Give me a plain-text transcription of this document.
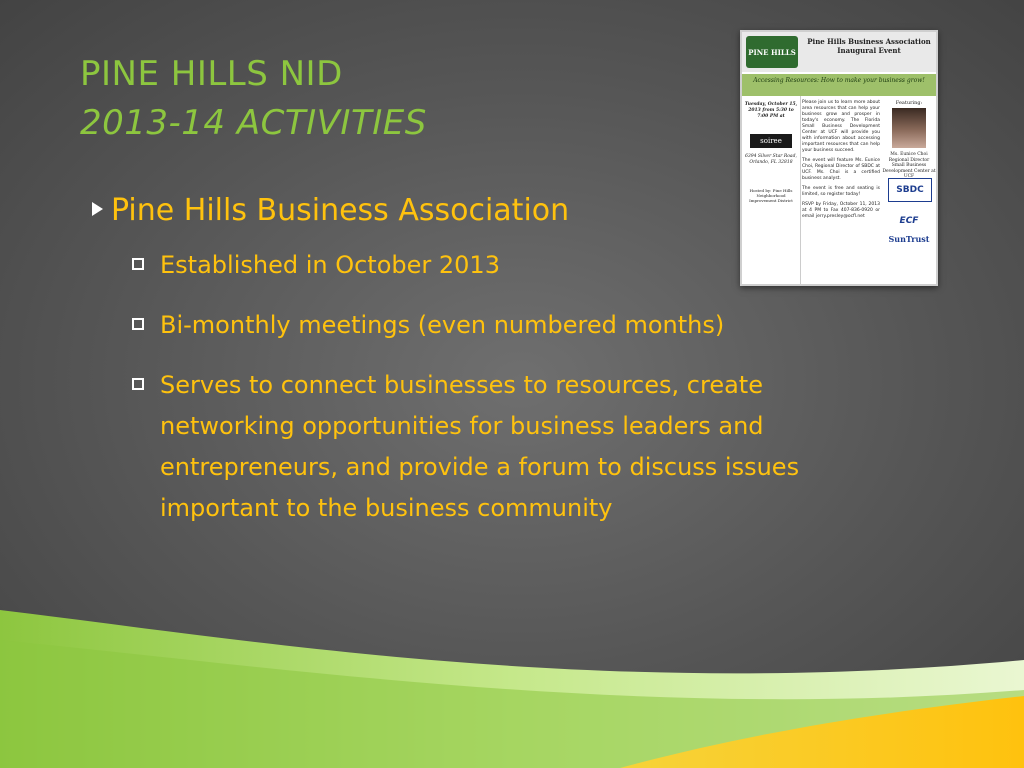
PINE HILLS NID
2013-14 ACTIVITIES
Pine Hills Business Association
Established in October 2013
Bi-monthly meetings (even numbered months)
Serves to connect businesses to resources, create networking opportunities for business leaders and entrepreneurs, and provide a forum to discuss issues important to the business community
PINE HILLS
Pine Hills Business Association Inaugural Event
Accessing Resources: How to make your business grow!
Tuesday, October 15, 2013 from 5:30 to 7:00 PM at
soiree
6394 Silver Star Road, Orlando, FL 32818
Hosted by: Pine Hills Neighborhood Improvement District

Please join us to learn more about area resources that can help your business grow and prosper in today's economy. The Florida Small Business Development Center at UCF will provide you with information about accessing important resources that can help your business succeed.

The event will feature Ms. Eunice Choi, Regional Director of SBDC at UCF. Ms. Choi is a certified business analyst.

The event is free and seating is limited, so register today!

RSVP by Friday, October 11, 2013 at 4 PM to Fax 407-836-0920 or email jerry.presley@ocfl.net

Featuring:
Ms. Eunice Choi Regional Director Small Business Development Center at UCF
SBDC
ECF
SunTrust
